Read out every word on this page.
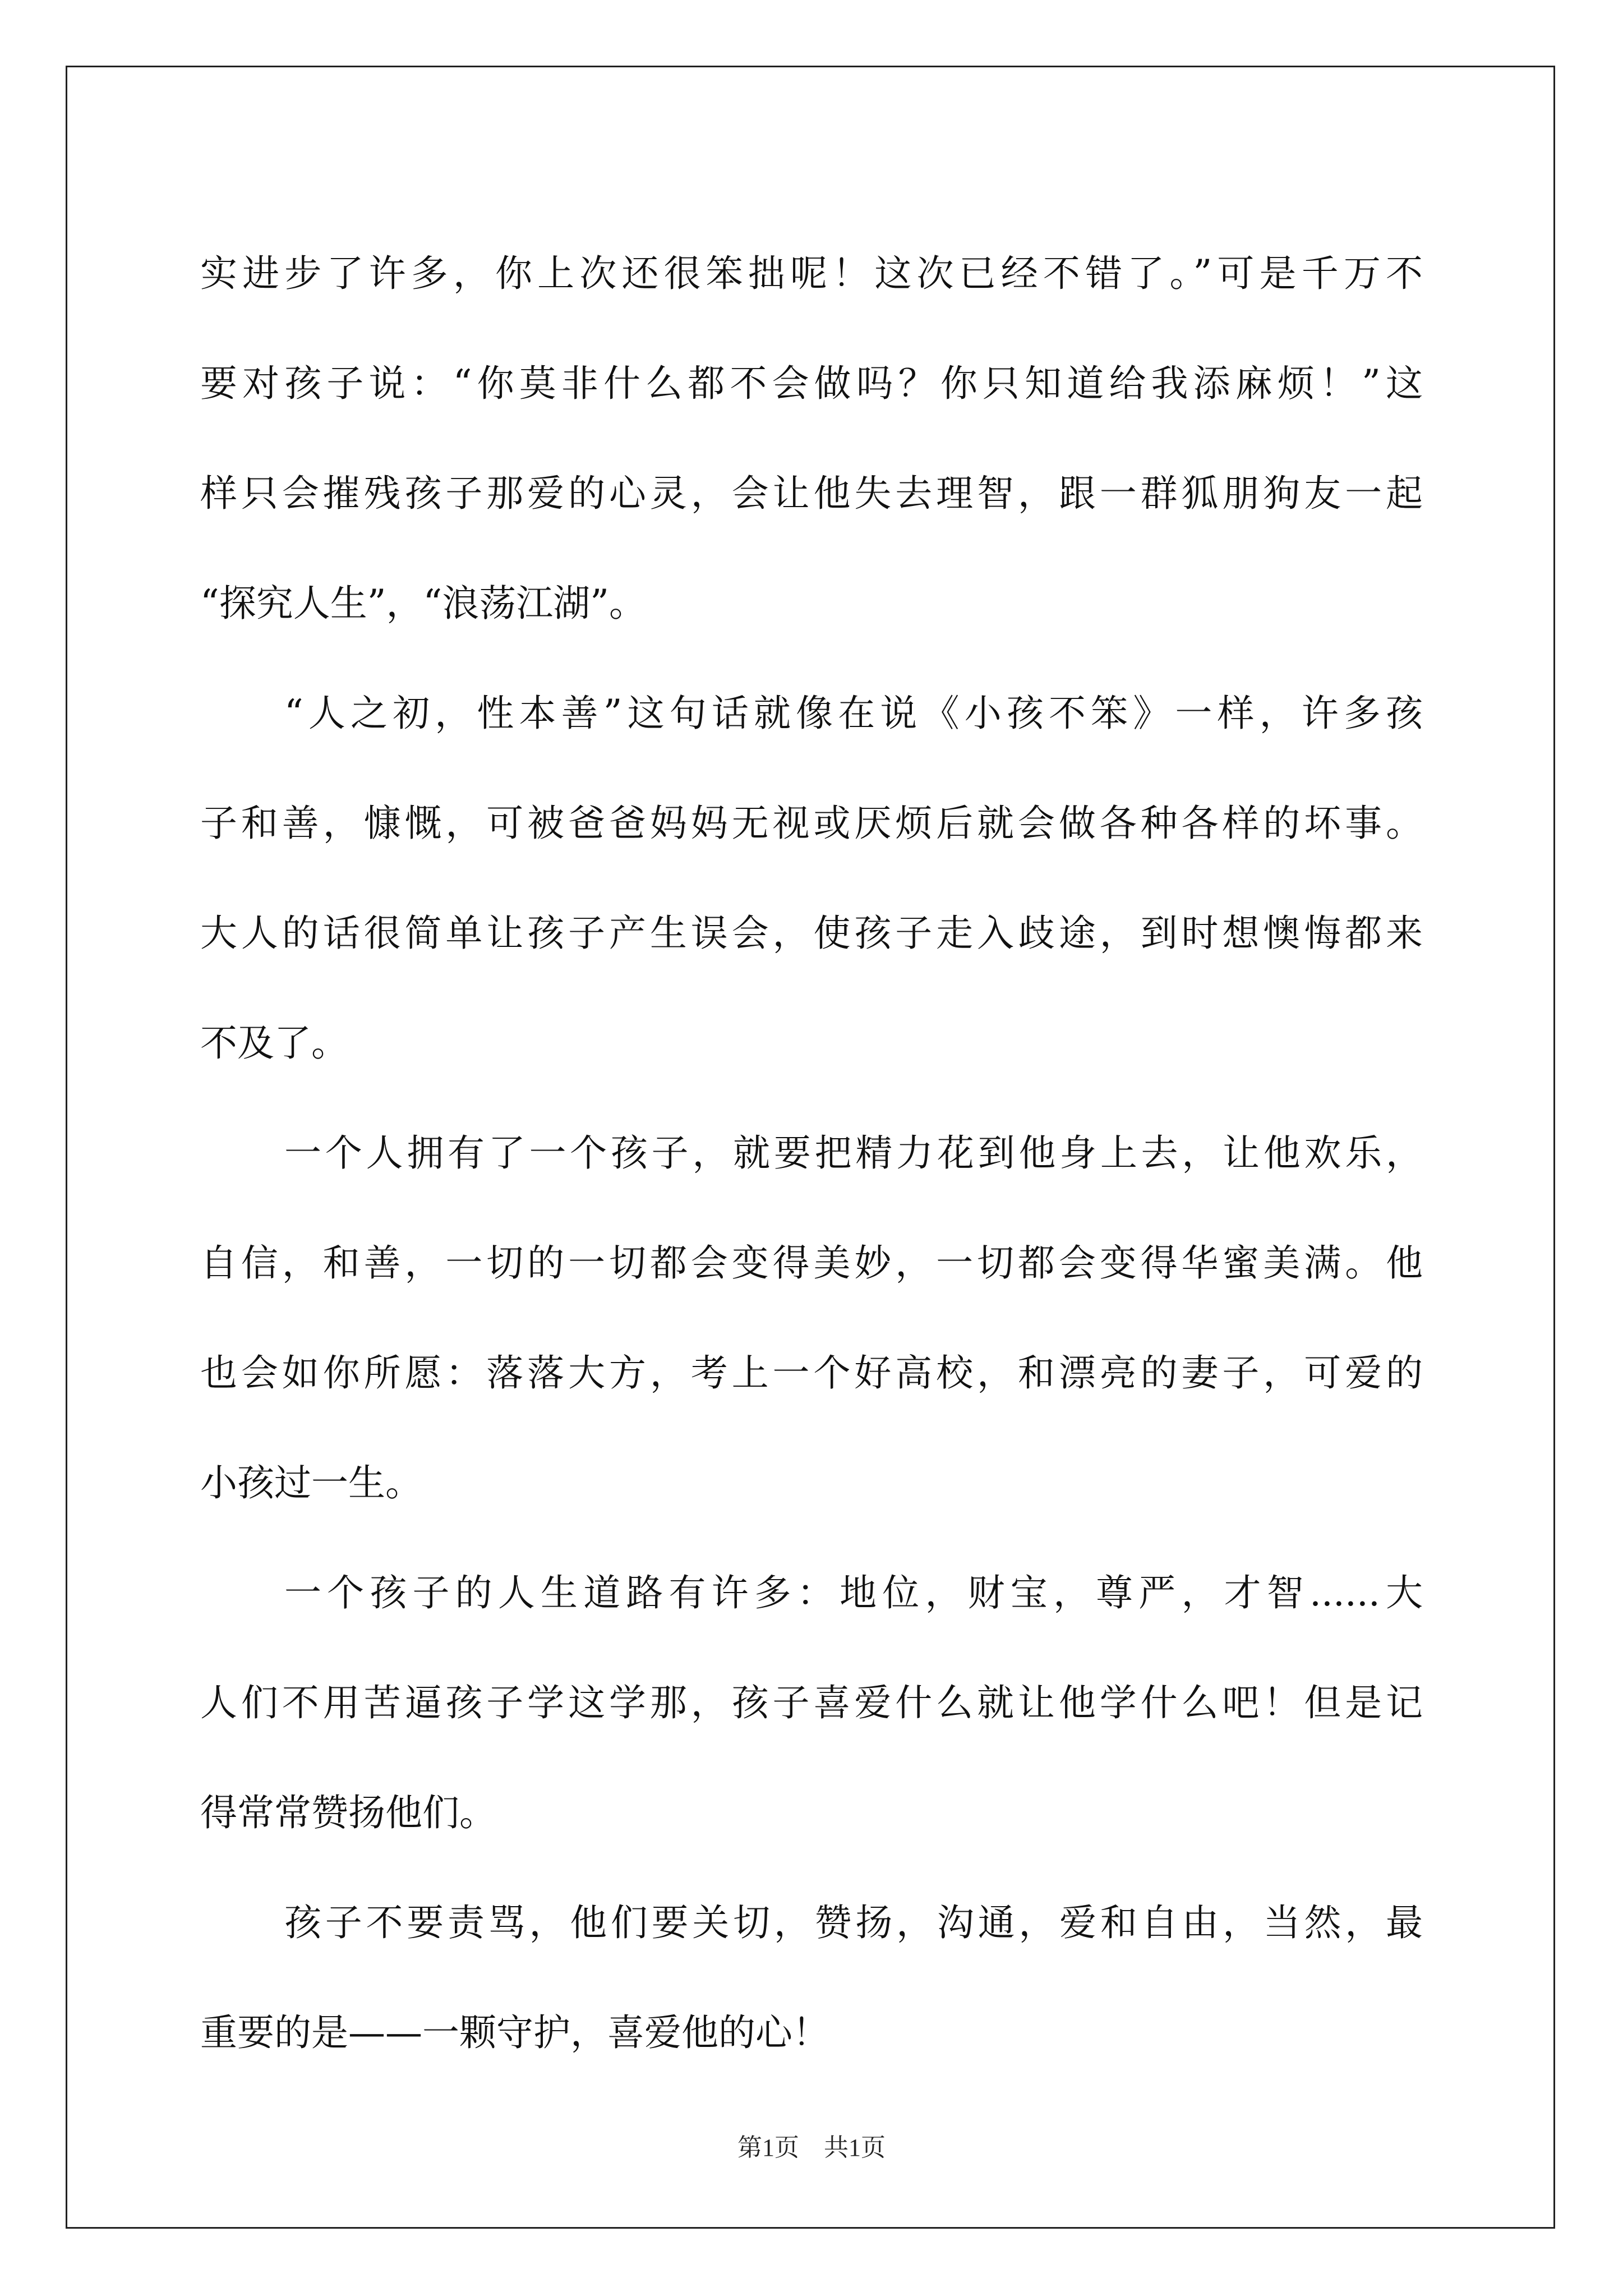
实进步了许多，你上次还很笨拙呢！这次已经不错了。”可是千万不
要对孩子说：“你莫非什么都不会做吗？你只知道给我添麻烦！”这
样只会摧残孩子那爱的心灵，会让他失去理智，跟一群狐朋狗友一起
“探究人生”，“浪荡江湖”。
“人之初，性本善”这句话就像在说《小孩不笨》一样，许多孩
子和善，慷慨，可被爸爸妈妈无视或厌烦后就会做各种各样的坏事。
大人的话很简单让孩子产生误会，使孩子走入歧途，到时想懊悔都来
不及了。
一个人拥有了一个孩子，就要把精力花到他身上去，让他欢乐，
自信，和善，一切的一切都会变得美妙，一切都会变得华蜜美满。他
也会如你所愿：落落大方，考上一个好高校，和漂亮的妻子，可爱的
小孩过一生。
一个孩子的人生道路有许多：地位，财宝，尊严，才智......大
人们不用苦逼孩子学这学那，孩子喜爱什么就让他学什么吧！但是记
得常常赞扬他们。
孩子不要责骂，他们要关切，赞扬，沟通，爱和自由，当然，最
重要的是——一颗守护，喜爱他的心！
第1页　共1页
